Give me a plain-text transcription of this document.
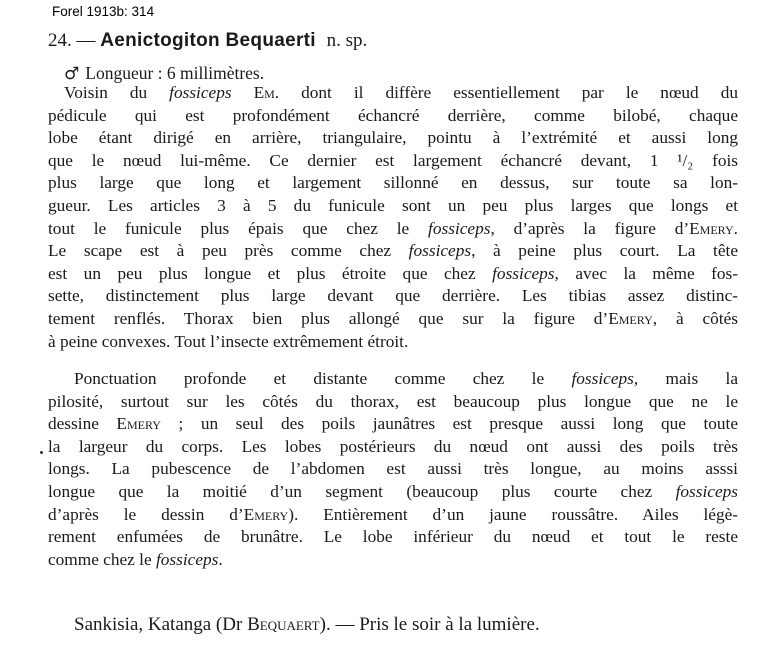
Forel 1913b: 314
24. — Aenictogiton Bequaerti n. sp.
♂ Longueur : 6 millimètres.
Voisin du fossiceps Em. dont il diffère essentiellement par le nœud du
pédicule qui est profondément échancré derrière, comme bilobé, chaque
lobe étant dirigé en arrière, triangulaire, pointu à l’extrémité et aussi long
que le nœud lui-même. Ce dernier est largement échancré devant, 1 ¹/₂ fois
plus large que long et largement sillonné en dessus, sur toute sa lon-
gueur. Les articles 3 à 5 du funicule sont un peu plus larges que longs et
tout le funicule plus épais que chez le fossiceps, d’après la figure d’Emery.
Le scape est à peu près comme chez fossiceps, à peine plus court. La tête
est un peu plus longue et plus étroite que chez fossiceps, avec la même fos-
sette, distinctement plus large devant que derrière. Les tibias assez distinc-
tement renflés. Thorax bien plus allongé que sur la figure d’Emery, à côtés
à peine convexes. Tout l’insecte extrêmement étroit.
Ponctuation profonde et distante comme chez le fossiceps, mais la
pilosité, surtout sur les côtés du thorax, est beaucoup plus longue que ne le
dessine Emery ; un seul des poils jaunâtres est presque aussi long que toute
la largeur du corps. Les lobes postérieurs du nœud ont aussi des poils très
longs. La pubescence de l’abdomen est aussi très longue, au moins asssi
longue que la moitié d’un segment (beaucoup plus courte chez fossiceps
d’après le dessin d’Emery). Entièrement d’un jaune roussâtre. Ailes légè-
rement enfumées de brunâtre. Le lobe inférieur du nœud et tout le reste
comme chez le fossiceps.
Sankisia, Katanga (Dr Bequaert). — Pris le soir à la lumière.
